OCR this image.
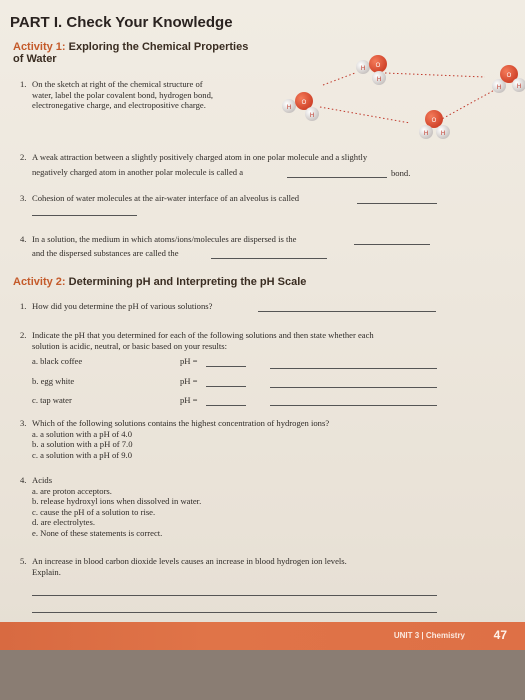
PART I. Check Your Knowledge
Activity 1: Exploring the Chemical Properties
of Water
1. On the sketch at right of the chemical structure of
water, label the polar covalent bond, hydrogen bond,
electronegative charge, and electropositive charge.
H O
H
H
O
H
H
O
H
O
H H
2. A weak attraction between a slightly positively charged atom in one polar molecule and a slightly
negatively charged atom in another polar molecule is called a	bond.
3. Cohesion of water molecules at the air-water interface of an alveolus is called
4. In a solution, the medium in which atoms/ions/molecules are dispersed is the
and the dispersed substances are called the
Activity 2: Determining pH and Interpreting the pH Scale
1. How did you determine the pH of various solutions?
2. Indicate the pH that you determined for each of the following solutions and then state whether each
solution is acidic, neutral, or basic based on your results:
a. black coffee	pH =
b. egg white	pH =
c. tap water	pH =
3. Which of the following solutions contains the highest concentration of hydrogen ions?
a. a solution with a pH of 4.0
b. a solution with a pH of 7.0
c. a solution with a pH of 9.0
4. Acids
a. are proton acceptors.
b. release hydroxyl ions when dissolved in water.
c. cause the pH of a solution to rise.
d. are electrolytes.
e. None of these statements is correct.
5. An increase in blood carbon dioxide levels causes an increase in blood hydrogen ion levels.
Explain.
UNIT 3 | Chemistry 47
